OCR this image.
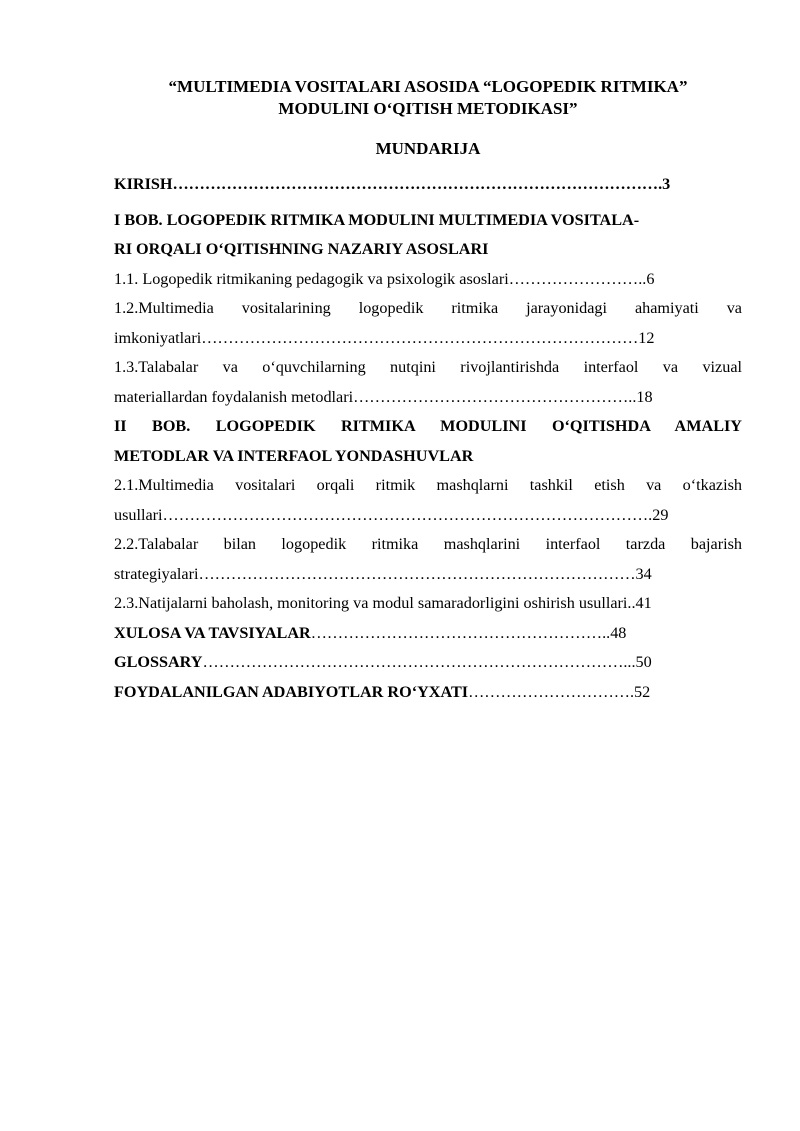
“MULTIMEDIA VOSITALARI ASOSIDA “LOGOPEDIK RITMIKA”
MODULINI O‘QITISH METODIKASI”

MUNDARIJA

KIRISH……………………………………………………………………………….3

I BOB. LOGOPEDIK RITMIKA MODULINI MULTIMEDIA VOSITALA-
RI ORQALI O‘QITISHNING NAZARIY ASOSLARI

1.1. Logopedik ritmikaning pedagogik va psixologik asoslari……………………..6

1.2.Multimedia vositalarining logopedik ritmika jarayonidagi ahamiyati va
imkoniyatlari………………………………………………………………………12

1.3.Talabalar va o‘quvchilarning nutqini rivojlantirishda interfaol va vizual
materiallardan foydalanish metodlari……………………………………………..18

II BOB. LOGOPEDIK RITMIKA MODULINI O‘QITISHDA AMALIY
METODLAR VA INTERFAOL YONDASHUVLAR

2.1.Multimedia vositalari orqali ritmik mashqlarni tashkil etish va o‘tkazish
usullari……………………………………………………………………………….29

2.2.Talabalar bilan logopedik ritmika mashqlarini interfaol tarzda bajarish
strategiyalari………………………………………………………………………34

2.3.Natijalarni baholash, monitoring va modul samaradorligini oshirish usullari..41

XULOSA VA TAVSIYALAR………………………………………………..48

GLOSSARY……………………………………………………………………...50

FOYDALANILGAN ADABIYOTLAR RO‘YXATI………………………….52
